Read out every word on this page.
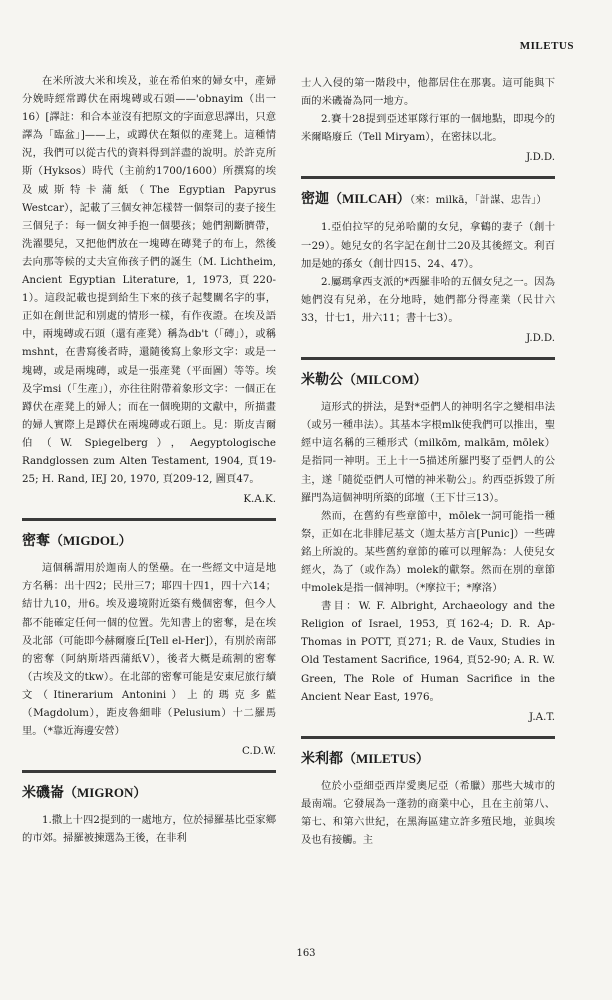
MILETUS

在米所波大米和埃及，並在希伯來的婦女中，產婦分娩時經常蹲伏在兩塊磚或石頭——'obnayim（出一16）[譯註：和合本並沒有把原文的字面意思譯出，只意譯為「臨盆」]——上，或蹲伏在類似的產凳上。這種情況，我們可以從古代的資料得到詳盡的說明。於許克所斯（Hyksos）時代（主前約1700/1600）所撰寫的埃及威斯特卡蒲紙（The Egyptian Papyrus Westcar），記載了三個女神怎樣替一個祭司的妻子接生三個兒子：每一個女神手抱一個嬰孩；她們割斷臍帶，洗濯嬰兒，又把他們放在一塊磚在磚凳子的布上，然後去向那等候的丈夫宣佈孩子們的誕生（M. Lichtheim, Ancient Egyptian Literature, 1, 1973, 頁220-1）。這段記載也提到給生下來的孩子起雙關名字的事，正如在創世記和別處的情形一樣，有作夜證。在埃及語中，兩塊磚或石頭（還有產凳）稱為db't（「磚」），或稱mshnt，在書寫後者時，還隨後寫上象形文字：或是一塊磚，或是兩塊磚，或是一張產凳（平面圖）等等。埃及字msi（「生產」），亦往往附帶着象形文字：一個正在蹲伏在產凳上的婦人；而在一個晚期的文獻中，所描畫的婦人實際上是蹲伏在兩塊磚或石頭上。見：斯皮吉爾伯（W. Spiegelberg），Aegyptologische Randglossen zum Alten Testament, 1904, 頁19-25; H. Rand, IEJ 20, 1970, 頁209-12, 圖頁47。

K.A.K.

密奪（MIGDOL）

這個稱謂用於迦南人的堡壘。在一些經文中這是地方名稱：出十四2；民卅三7；耶四十四1，四十六14；結廿九10，卅6。埃及邊境附近築有幾個密奪，但今人都不能確定任何一個的位置。先知書上的密奪，是在埃及北部（可能即今赫爾廢丘[Tell el-Her]），有別於南部的密奪（阿納斯塔西蒲紙V），後者大概是疏割的密奪（古埃及文的tkw）。在北部的密奪可能是安東尼旅行續文（Itinerarium Antonini）上的瑪克多藍（Magdolum），距皮魯細啡（Pelusium）十二羅馬里。（*靠近海邊安營）

C.D.W.

米磯崙（MIGRON）

1.撒上十四2提到的一處地方，位於掃羅基比亞家鄉的市郊。掃羅被揀選為王後，在非利

士人入侵的第一階段中，他都居住在那裏。這可能與下面的米磯崙為同一地方。

2.賽十28提到亞述軍隊行軍的一個地點，即現今的米爾略廢丘（Tell Miryam），在密抹以北。

J.D.D.

密迦（MILCAH）（來：milkā，「計謀、忠告」）

1.亞伯拉罕的兒弟哈蘭的女兒，拿鶴的妻子（創十一29）。她兒女的名字記在創廿二20及其後經文。利百加是她的孫女（創廿四15、24、47）。

2.屬瑪拿西支派的*西羅非哈的五個女兒之一。因為她們沒有兒弟，在分地時，她們都分得產業（民廿六33，廿七1，卅六11；書十七3）。

J.D.D.

米勒公（MILCOM）

這形式的拼法，是對*亞們人的神明名字之變相串法（或另一種串法）。其基本字根mlk使我們可以推出，聖經中這名稱的三種形式（milkōm, malkām, mōlek）是指同一神明。王上十一5描述所羅門娶了亞們人的公主，遂「隨從亞們人可憎的神米勒公」。約西亞拆毀了所羅門為這個神明所築的邱壇（王下廿三13）。

然而，在舊約有些章節中，mōlek一詞可能指一種祭，正如在北非腓尼基文（迦太基方言[Punic]）一些碑銘上所說的。某些舊約章節的確可以理解為：人使兒女經火，為了（或作為）molek的獻祭。然而在別的章節中molek是指一個神明。（*摩拉干；*摩洛）

書目：W. F. Albright, Archaeology and the Religion of Israel, 1953, 頁162-4; D. R. Ap-Thomas in POTT, 頁271; R. de Vaux, Studies in Old Testament Sacrifice, 1964, 頁52-90; A. R. W. Green, The Role of Human Sacrifice in the Ancient Near East, 1976。

J.A.T.

米利都（MILETUS）

位於小亞細亞西岸愛奧尼亞（希臘）那些大城市的最南端。它發展為一蓬勃的商業中心，且在主前第八、第七、和第六世紀，在黑海區建立許多殖民地，並與埃及也有接觸。主

163
